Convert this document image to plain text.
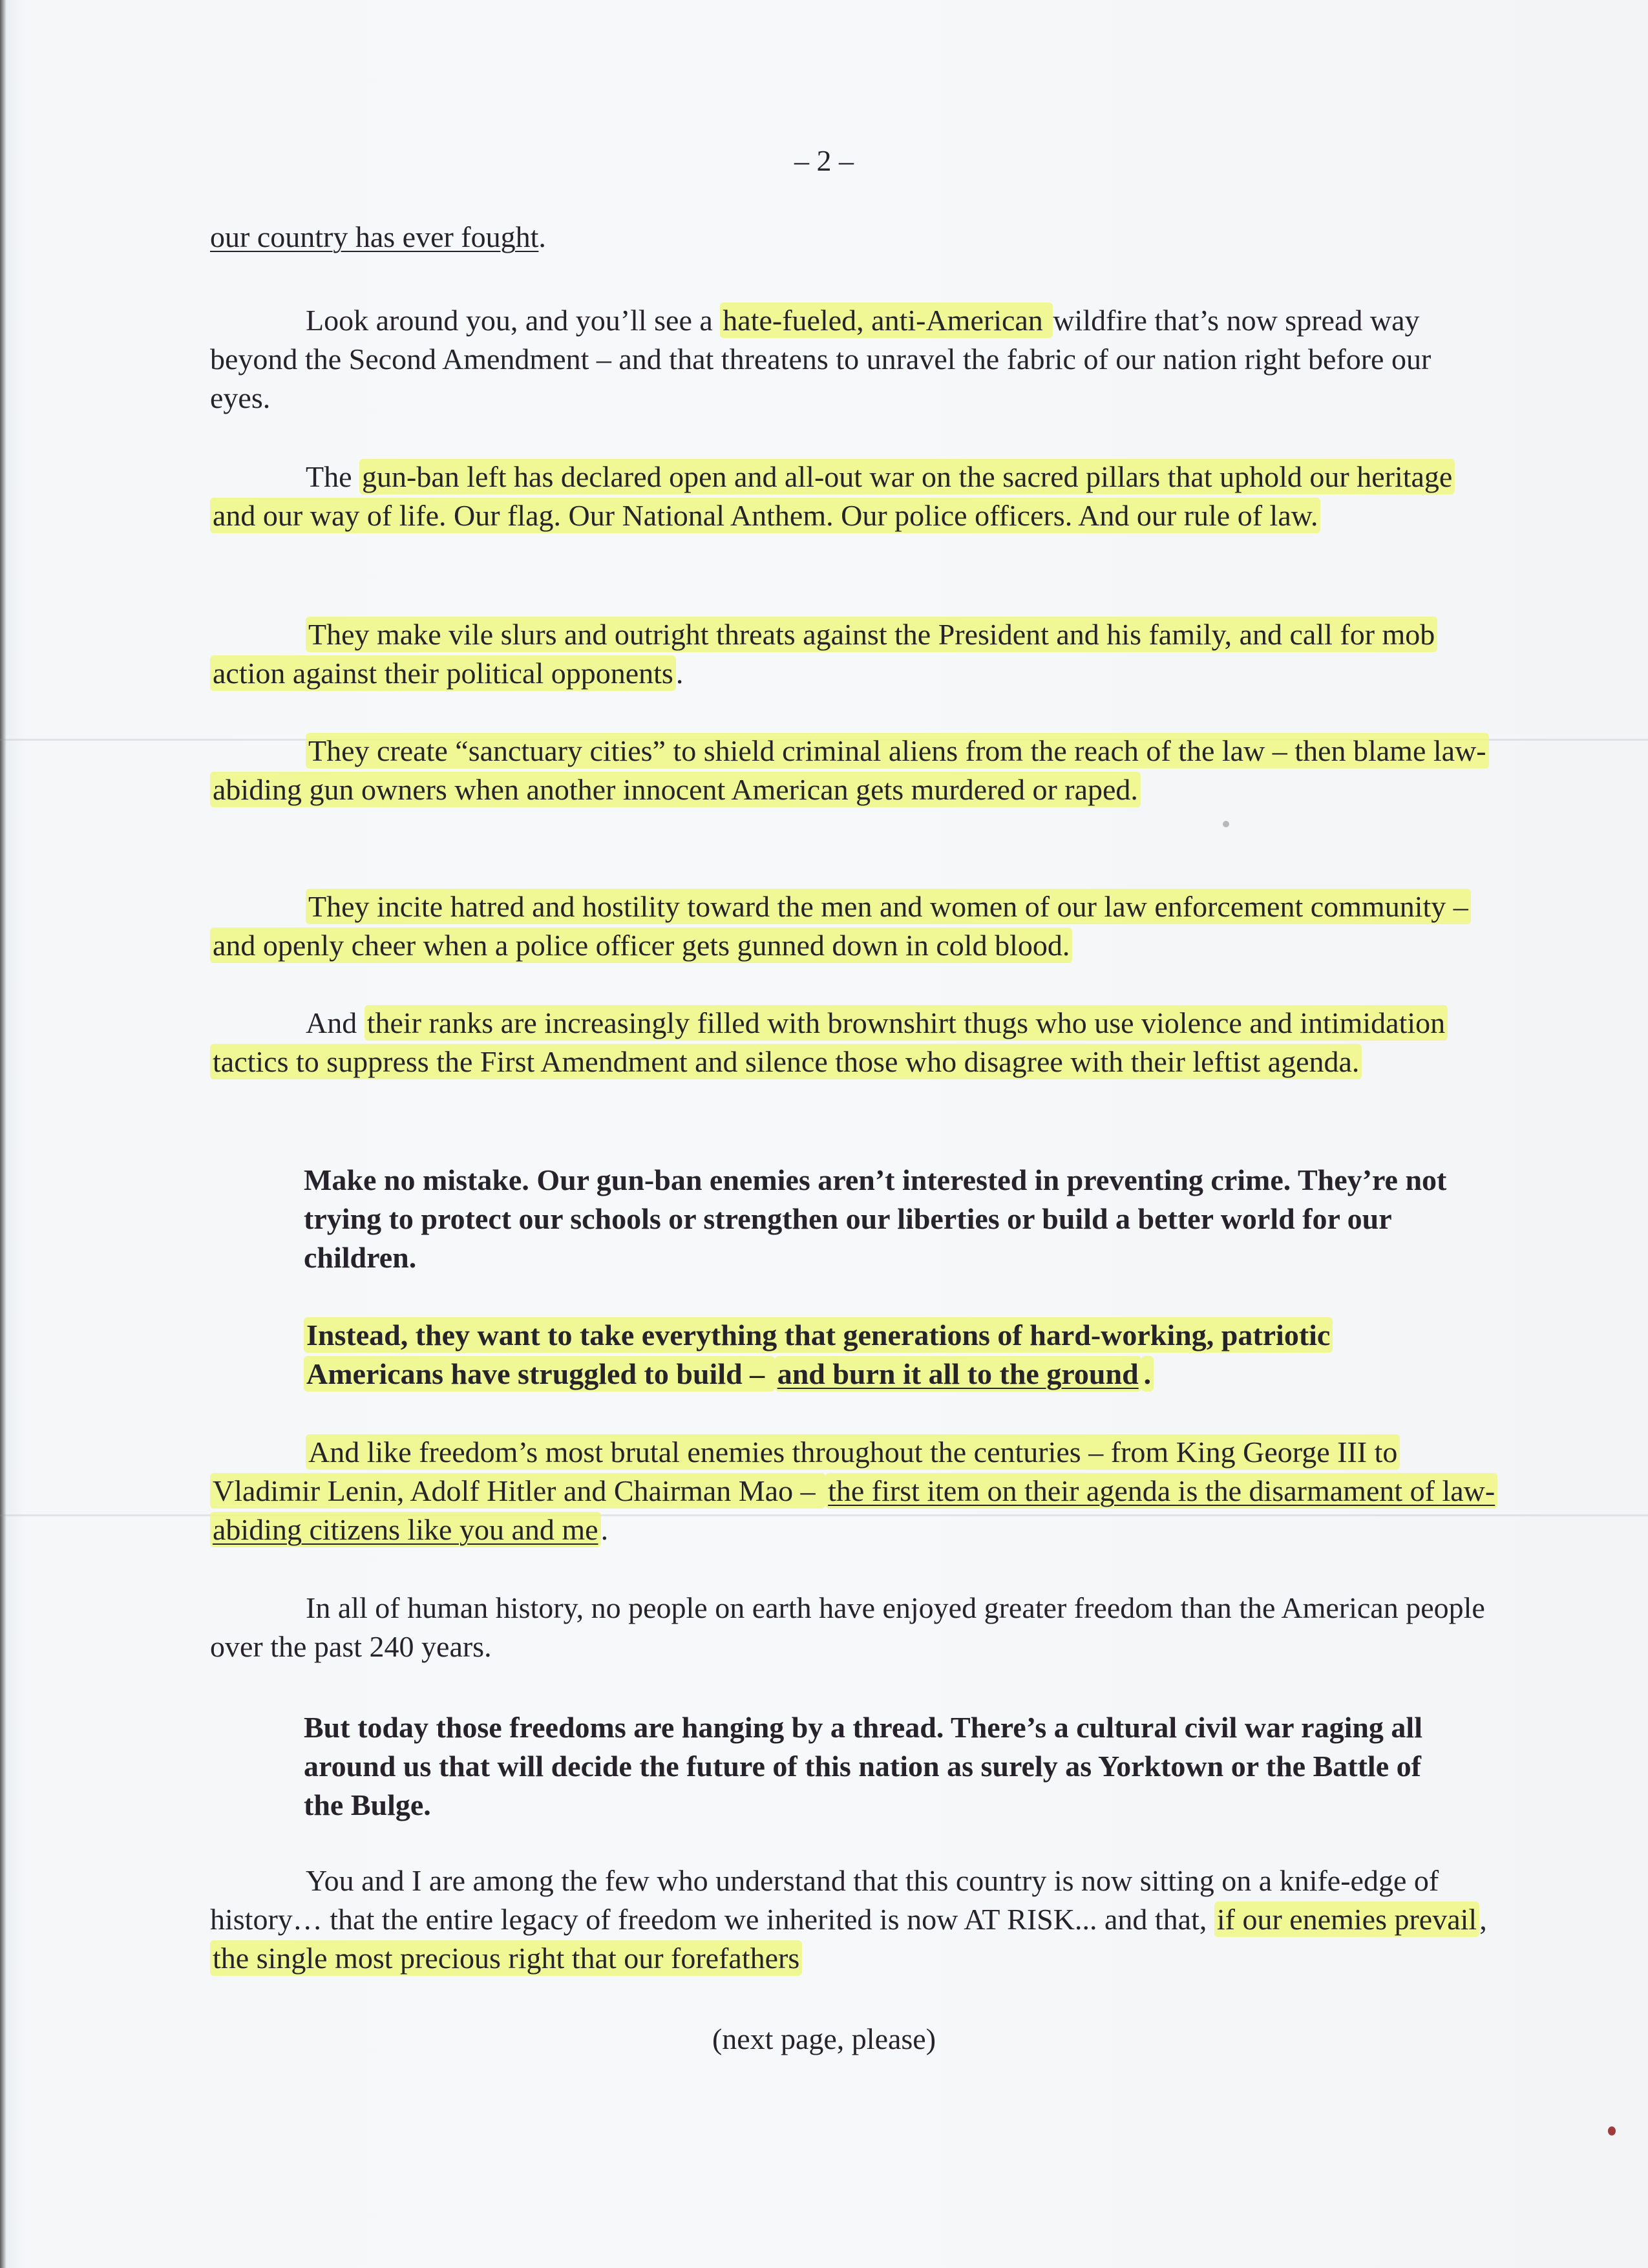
– 2 –
our country has ever fought.
Look around you, and you’ll see a hate-fueled, anti-American wildfire that’s now spread way beyond the Second Amendment – and that threatens to unravel the fabric of our nation right before our eyes.
The gun-ban left has declared open and all-out war on the sacred pillars that uphold our heritage and our way of life. Our flag. Our National Anthem. Our police officers. And our rule of law.
They make vile slurs and outright threats against the President and his family, and call for mob action against their political opponents.
They create “sanctuary cities” to shield criminal aliens from the reach of the law – then blame law-abiding gun owners when another innocent American gets murdered or raped.
They incite hatred and hostility toward the men and women of our law enforcement community – and openly cheer when a police officer gets gunned down in cold blood.
And their ranks are increasingly filled with brownshirt thugs who use violence and intimidation tactics to suppress the First Amendment and silence those who disagree with their leftist agenda.
Make no mistake. Our gun-ban enemies aren’t interested in preventing crime. They’re not trying to protect our schools or strengthen our liberties or build a better world for our children.
Instead, they want to take everything that generations of hard-working, patriotic Americans have struggled to build – and burn it all to the ground .
And like freedom’s most brutal enemies throughout the centuries – from King George III to Vladimir Lenin, Adolf Hitler and Chairman Mao – the first item on their agenda is the disarmament of law-abiding citizens like you and me.
In all of human history, no people on earth have enjoyed greater freedom than the American people over the past 240 years.
But today those freedoms are hanging by a thread. There’s a cultural civil war raging all around us that will decide the future of this nation as surely as Yorktown or the Battle of the Bulge.
You and I are among the few who understand that this country is now sitting on a knife-edge of history… that the entire legacy of freedom we inherited is now AT RISK... and that, if our enemies prevail, the single most precious right that our forefathers
(next page, please)
